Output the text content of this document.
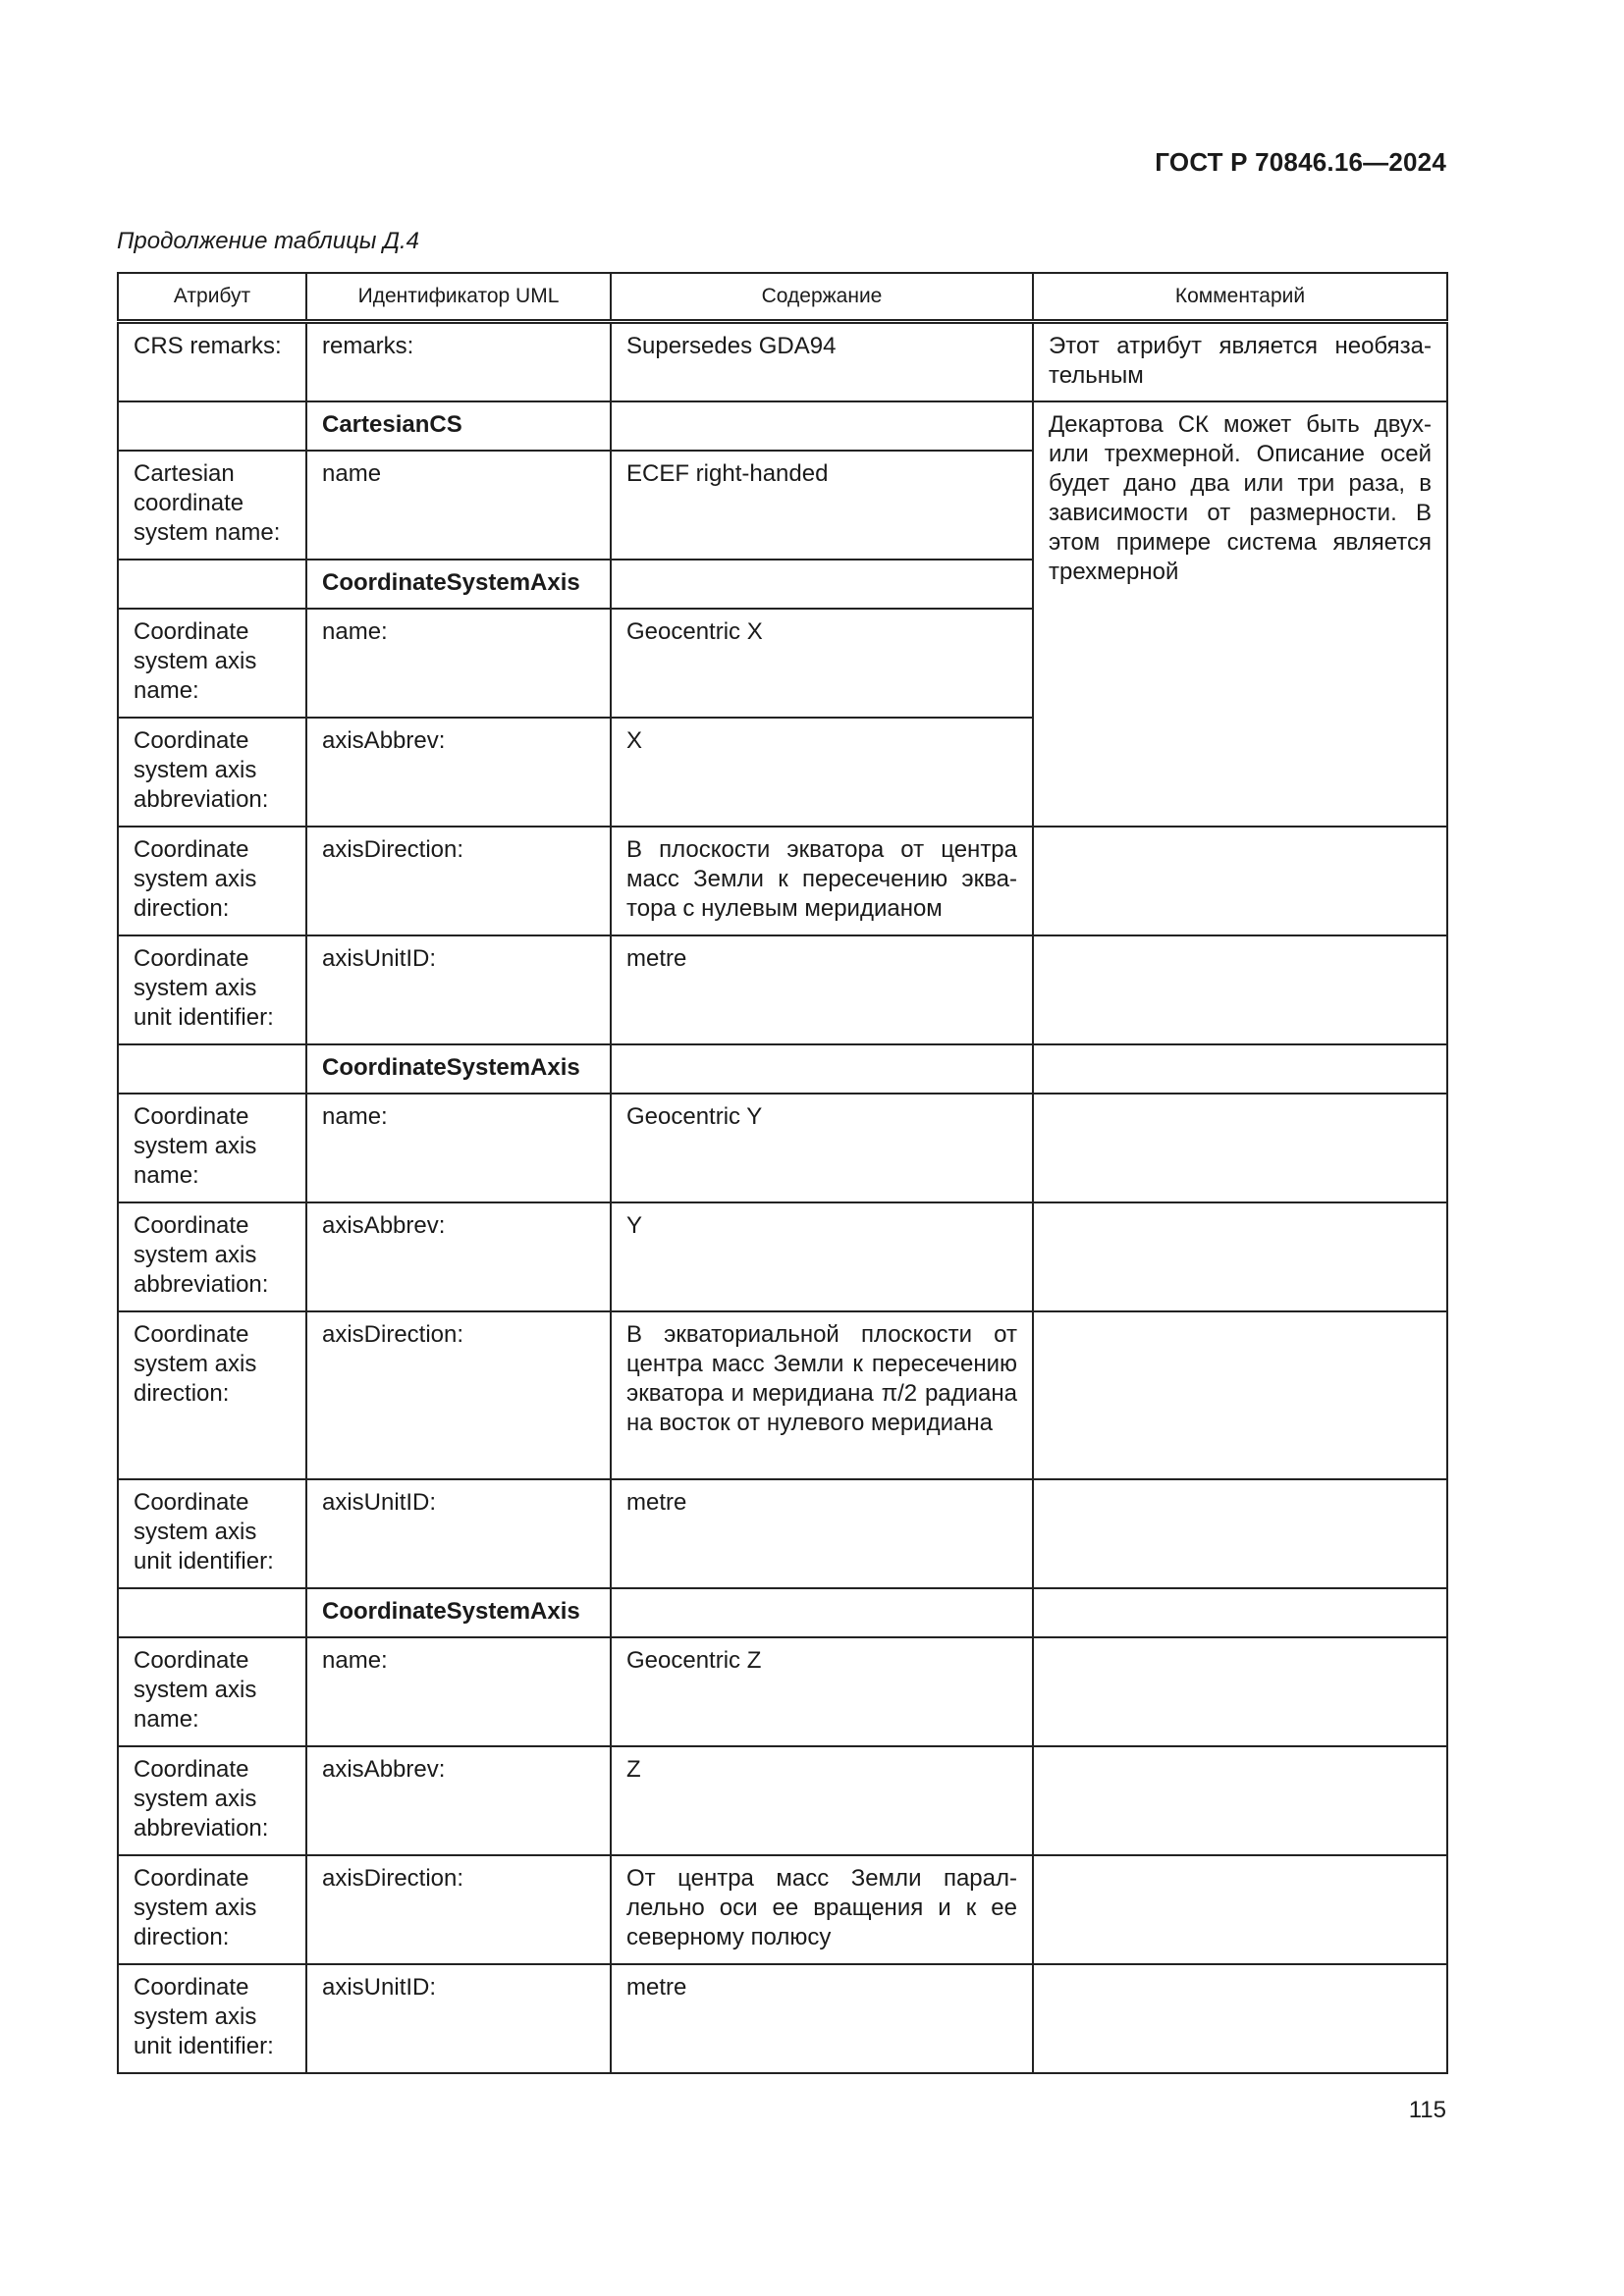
ГОСТ Р 70846.16—2024
Продолжение таблицы Д.4
Атрибут	Идентификатор UML	Содержание	Комментарий
CRS remarks:	remarks:	Supersedes GDA94	Этот атрибут является необязательным
	CartesianCS		Декартова СК может быть двух- или трехмерной. Описание осей будет дано два или три раза, в зависимости от размерности. В этом примере система является трехмерной
Cartesian coordinate system name:	name	ECEF right-handed	
	CoordinateSystemAxis		
Coordinate system axis name:	name:	Geocentric X	
Coordinate system axis abbreviation:	axisAbbrev:	X	
Coordinate system axis direction:	axisDirection:	В плоскости экватора от центра масс Земли к пересечению экватора с нулевым меридианом	
Coordinate system axis unit identifier:	axisUnitID:	metre	
	CoordinateSystemAxis		
Coordinate system axis name:	name:	Geocentric Y	
Coordinate system axis abbreviation:	axisAbbrev:	Y	
Coordinate system axis direction:	axisDirection:	В экваториальной плоскости от центра масс Земли к пересечению экватора и меридиана π/2 радиана на восток от нулевого меридиана	
Coordinate system axis unit identifier:	axisUnitID:	metre	
	CoordinateSystemAxis		
Coordinate system axis name:	name:	Geocentric Z	
Coordinate system axis abbreviation:	axisAbbrev:	Z	
Coordinate system axis direction:	axisDirection:	От центра масс Земли параллельно оси ее вращения и к ее северному полюсу	
Coordinate system axis unit identifier:	axisUnitID:	metre	
115
